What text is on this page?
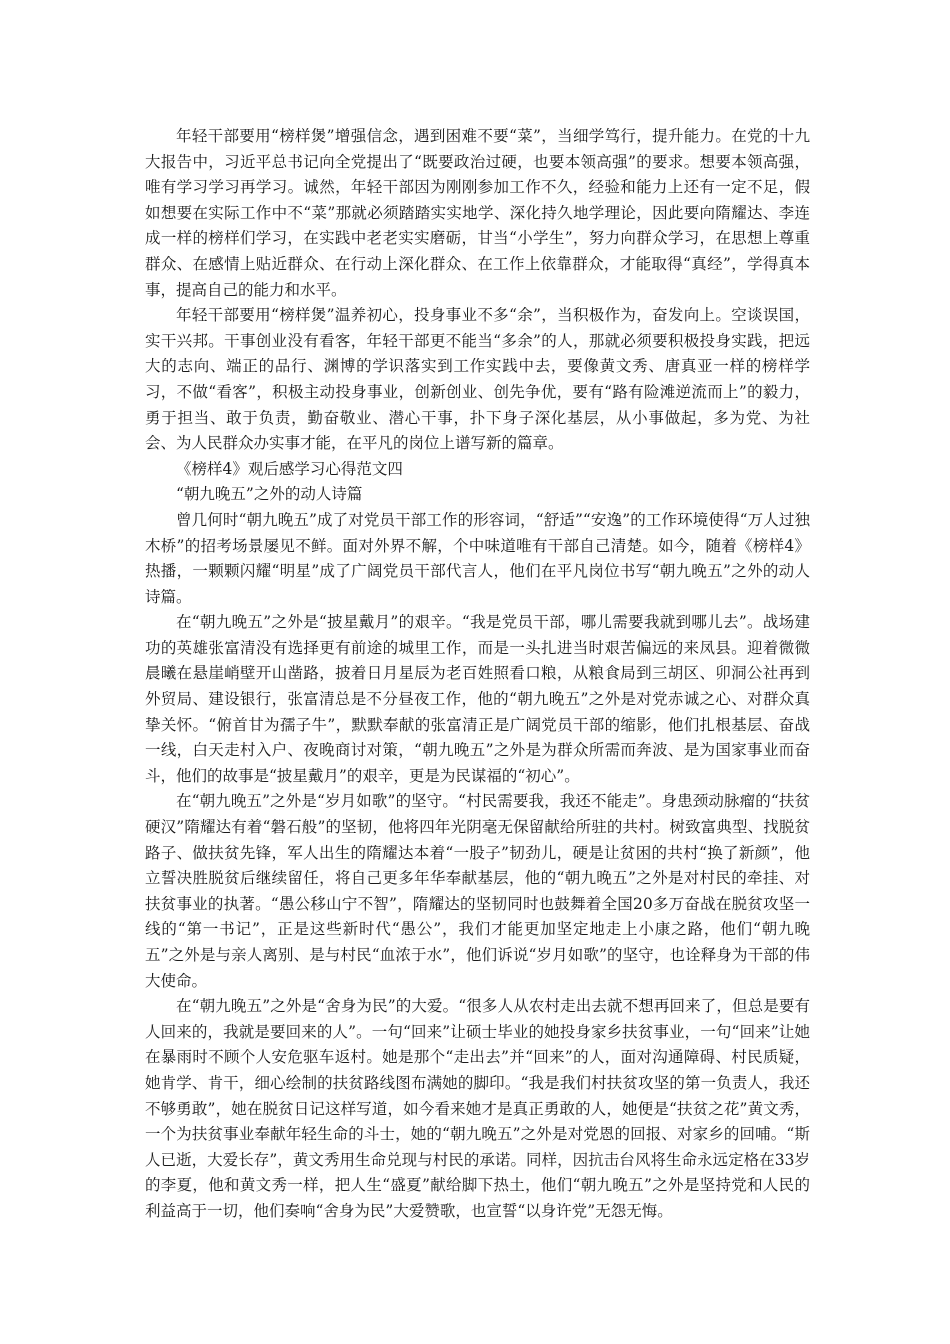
年轻干部要用“榜样煲”增强信念，遇到困难不要“菜”，当细学笃行，提升能力。在党的十九大报告中，习近平总书记向全党提出了“既要政治过硬，也要本领高强”的要求。想要本领高强，唯有学习学习再学习。诚然，年轻干部因为刚刚参加工作不久，经验和能力上还有一定不足，假如想要在实际工作中不“菜”那就必须踏踏实实地学、深化持久地学理论，因此要向隋耀达、李连成一样的榜样们学习，在实践中老老实实磨砺，甘当“小学生”，努力向群众学习，在思想上尊重群众、在感情上贴近群众、在行动上深化群众、在工作上依靠群众，才能取得“真经”，学得真本事，提高自己的能力和水平。

年轻干部要用“榜样煲”温养初心，投身事业不多“余”，当积极作为，奋发向上。空谈误国，实干兴邦。干事创业没有看客，年轻干部更不能当“多余”的人，那就必须要积极投身实践，把远大的志向、端正的品行、渊博的学识落实到工作实践中去，要像黄文秀、唐真亚一样的榜样学习，不做“看客”，积极主动投身事业，创新创业、创先争优，要有“路有险滩逆流而上”的毅力，勇于担当、敢于负责，勤奋敬业、潜心干事，扑下身子深化基层，从小事做起，多为党、为社会、为人民群众办实事才能，在平凡的岗位上谱写新的篇章。

《榜样4》观后感学习心得范文四

“朝九晚五”之外的动人诗篇

曾几何时“朝九晚五”成了对党员干部工作的形容词，“舒适”“安逸”的工作环境使得“万人过独木桥”的招考场景屡见不鲜。面对外界不解，个中味道唯有干部自己清楚。如今，随着《榜样4》热播，一颗颗闪耀“明星”成了广阔党员干部代言人，他们在平凡岗位书写“朝九晚五”之外的动人诗篇。

在“朝九晚五”之外是“披星戴月”的艰辛。“我是党员干部，哪儿需要我就到哪儿去”。战场建功的英雄张富清没有选择更有前途的城里工作，而是一头扎进当时艰苦偏远的来凤县。迎着微微晨曦在悬崖峭壁开山凿路，披着日月星辰为老百姓照看口粮，从粮食局到三胡区、卯洞公社再到外贸局、建设银行，张富清总是不分昼夜工作，他的“朝九晚五”之外是对党赤诚之心、对群众真挚关怀。“俯首甘为孺子牛”，默默奉献的张富清正是广阔党员干部的缩影，他们扎根基层、奋战一线，白天走村入户、夜晚商讨对策，“朝九晚五”之外是为群众所需而奔波、是为国家事业而奋斗，他们的故事是“披星戴月”的艰辛，更是为民谋福的“初心”。

在“朝九晚五”之外是“岁月如歌”的坚守。“村民需要我，我还不能走”。身患颈动脉瘤的“扶贫硬汉”隋耀达有着“磐石般”的坚韧，他将四年光阴毫无保留献给所驻的共村。树致富典型、找脱贫路子、做扶贫先锋，军人出生的隋耀达本着“一股子”韧劲儿，硬是让贫困的共村“换了新颜”，他立誓决胜脱贫后继续留任，将自己更多年华奉献基层，他的“朝九晚五”之外是对村民的牵挂、对扶贫事业的执著。“愚公移山宁不智”，隋耀达的坚韧同时也鼓舞着全国20多万奋战在脱贫攻坚一线的“第一书记”，正是这些新时代“愚公”，我们才能更加坚定地走上小康之路，他们“朝九晚五”之外是与亲人离别、是与村民“血浓于水”，他们诉说“岁月如歌”的坚守，也诠释身为干部的伟大使命。

在“朝九晚五”之外是“舍身为民”的大爱。“很多人从农村走出去就不想再回来了，但总是要有人回来的，我就是要回来的人”。一句“回来”让硕士毕业的她投身家乡扶贫事业，一句“回来”让她在暴雨时不顾个人安危驱车返村。她是那个“走出去”并“回来”的人，面对沟通障碍、村民质疑，她肯学、肯干，细心绘制的扶贫路线图布满她的脚印。“我是我们村扶贫攻坚的第一负责人，我还不够勇敢”，她在脱贫日记这样写道，如今看来她才是真正勇敢的人，她便是“扶贫之花”黄文秀，一个为扶贫事业奉献年轻生命的斗士，她的“朝九晚五”之外是对党恩的回报、对家乡的回哺。“斯人已逝，大爱长存”，黄文秀用生命兑现与村民的承诺。同样，因抗击台风将生命永远定格在33岁的李夏，他和黄文秀一样，把人生“盛夏”献给脚下热土，他们“朝九晚五”之外是坚持党和人民的利益高于一切，他们奏响“舍身为民”大爱赞歌，也宣誓“以身许党”无怨无悔。
